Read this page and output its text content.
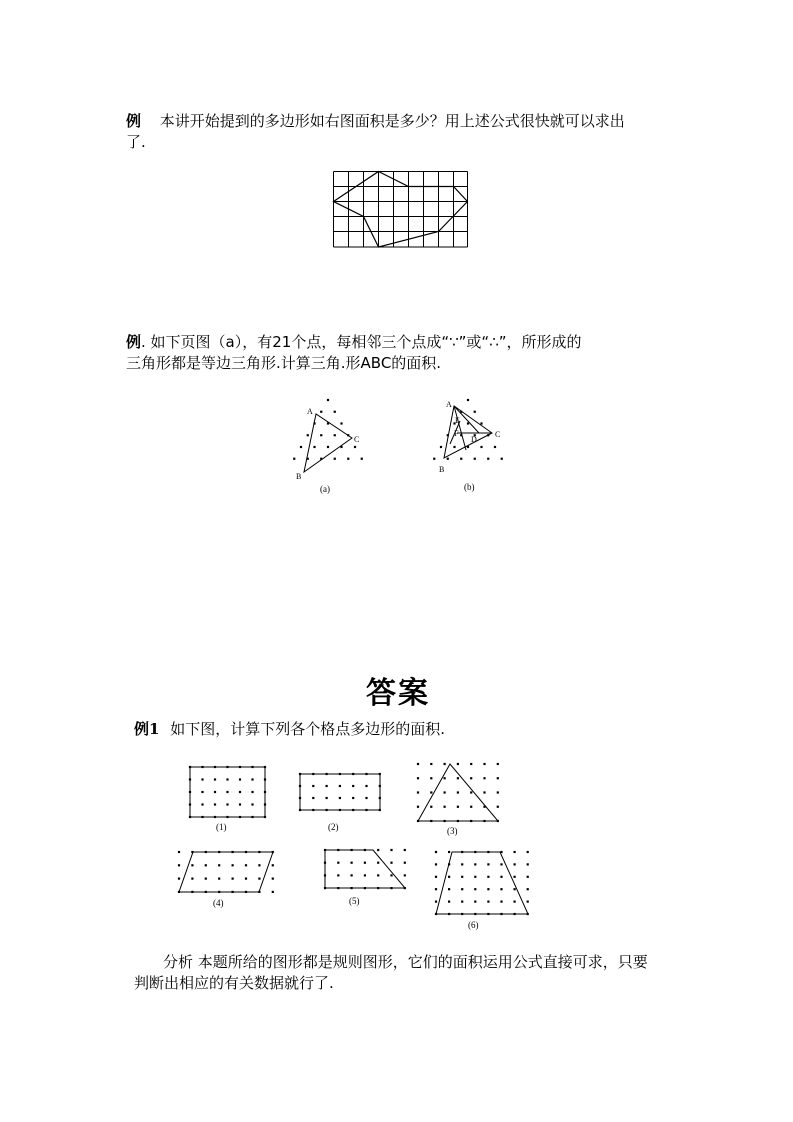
例 本讲开始提到的多边形如右图面积是多少？用上述公式很快就可以求出
了.
例. 如下页图（a），有21个点，每相邻三个点成“∵”或“∴”，所形成的
三角形都是等边三角形.计算三角.形ABC的面积.
A
B
C
(a)
A
B
C
E
F
D
(b)
答案
例1 如下图，计算下列各个格点多边形的面积.
(1)	(2)	(3)
(4)	(5)
(6)
分析 本题所给的图形都是规则图形，它们的面积运用公式直接可求，只要
判断出相应的有关数据就行了.
